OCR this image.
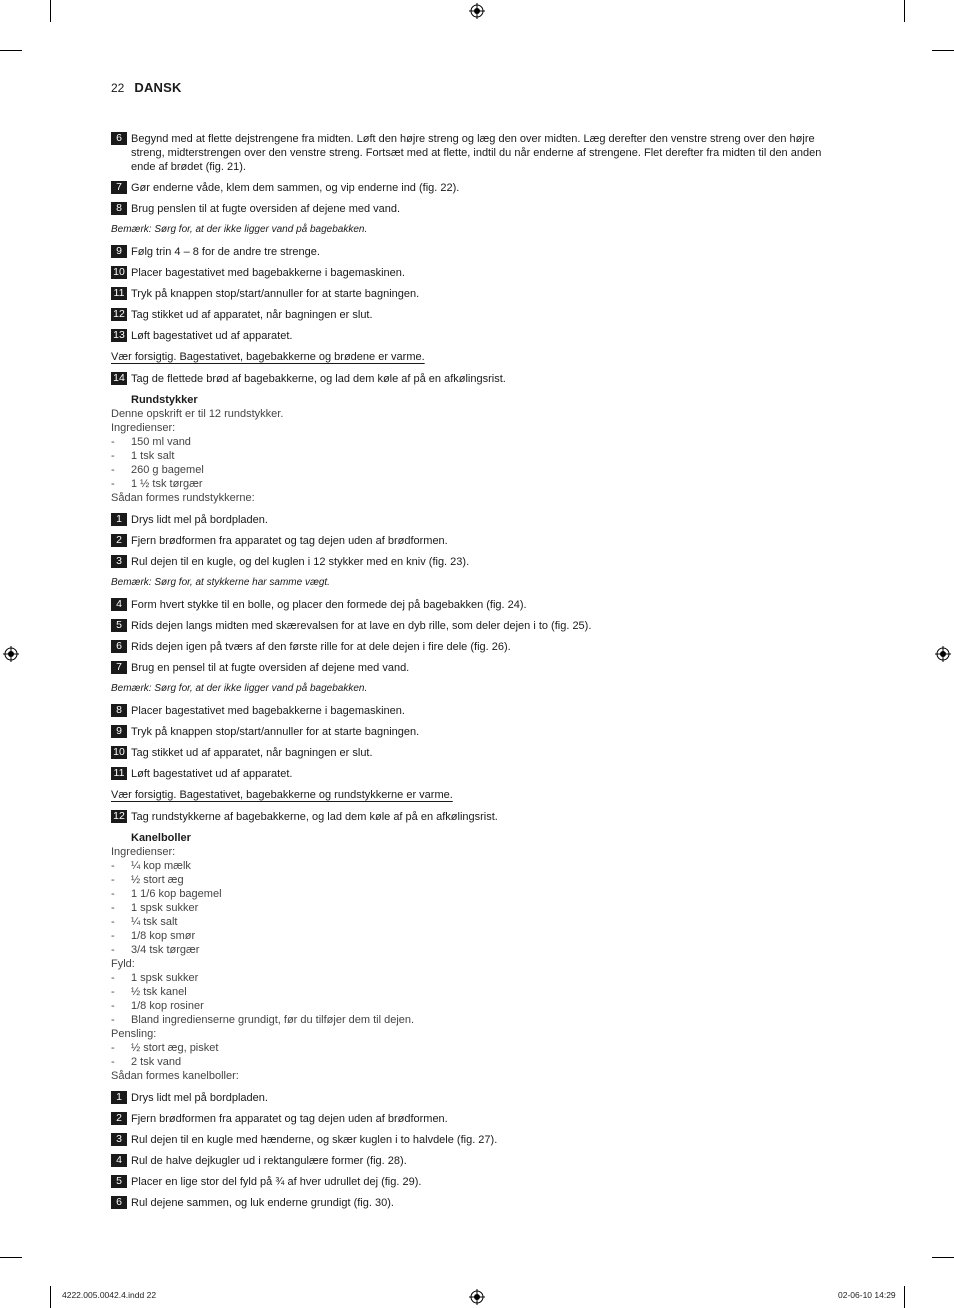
22 DANSK
6 Begynd med at flette dejstrengene fra midten. Løft den højre streng og læg den over midten. Læg derefter den venstre streng over den højre streng, midterstrengen over den venstre streng. Fortsæt med at flette, indtil du når enderne af strengene. Flet derefter fra midten til den anden ende af brødet (fig. 21).
7 Gør enderne våde, klem dem sammen, og vip enderne ind (fig. 22).
8 Brug penslen til at fugte oversiden af dejene med vand.
Bemærk: Sørg for, at der ikke ligger vand på bagebakken.
9 Følg trin 4 – 8 for de andre tre strenge.
10 Placer bagestativet med bagebakkerne i bagemaskinen.
11 Tryk på knappen stop/start/annuller for at starte bagningen.
12 Tag stikket ud af apparatet, når bagningen er slut.
13 Løft bagestativet ud af apparatet.
Vær forsigtig. Bagestativet, bagebakkerne og brødene er varme.
14 Tag de flettede brød af bagebakkerne, og lad dem køle af på en afkølingsrist.
Rundstykker
Denne opskrift er til 12 rundstykker.
Ingredienser:
- 150 ml vand
- 1 tsk salt
- 260 g bagemel
- 1 ½ tsk tørgær
Sådan formes rundstykkerne:
1 Drys lidt mel på bordpladen.
2 Fjern brødformen fra apparatet og tag dejen uden af brødformen.
3 Rul dejen til en kugle, og del kuglen i 12 stykker med en kniv (fig. 23).
Bemærk: Sørg for, at stykkerne har samme vægt.
4 Form hvert stykke til en bolle, og placer den formede dej på bagebakken (fig. 24).
5 Rids dejen langs midten med skærevalsen for at lave en dyb rille, som deler dejen i to (fig. 25).
6 Rids dejen igen på tværs af den første rille for at dele dejen i fire dele (fig. 26).
7 Brug en pensel til at fugte oversiden af dejene med vand.
Bemærk: Sørg for, at der ikke ligger vand på bagebakken.
8 Placer bagestativet med bagebakkerne i bagemaskinen.
9 Tryk på knappen stop/start/annuller for at starte bagningen.
10 Tag stikket ud af apparatet, når bagningen er slut.
11 Løft bagestativet ud af apparatet.
Vær forsigtig. Bagestativet, bagebakkerne og rundstykkerne er varme.
12 Tag rundstykkerne af bagebakkerne, og lad dem køle af på en afkølingsrist.
Kanelboller
Ingredienser:
- ¼ kop mælk
- ½ stort æg
- 1 1/6 kop bagemel
- 1 spsk sukker
- ¼ tsk salt
- 1/8 kop smør
- 3/4 tsk tørgær
Fyld:
- 1 spsk sukker
- ½ tsk kanel
- 1/8 kop rosiner
- Bland ingredienserne grundigt, før du tilføjer dem til dejen.
Pensling:
- ½ stort æg, pisket
- 2 tsk vand
Sådan formes kanelboller:
1 Drys lidt mel på bordpladen.
2 Fjern brødformen fra apparatet og tag dejen uden af brødformen.
3 Rul dejen til en kugle med hænderne, og skær kuglen i to halvdele (fig. 27).
4 Rul de halve dejkugler ud i rektangulære former (fig. 28).
5 Placer en lige stor del fyld på ¾ af hver udrullet dej (fig. 29).
6 Rul dejene sammen, og luk enderne grundigt (fig. 30).
4222.005.0042.4.indd 22	02-06-10 14:29
